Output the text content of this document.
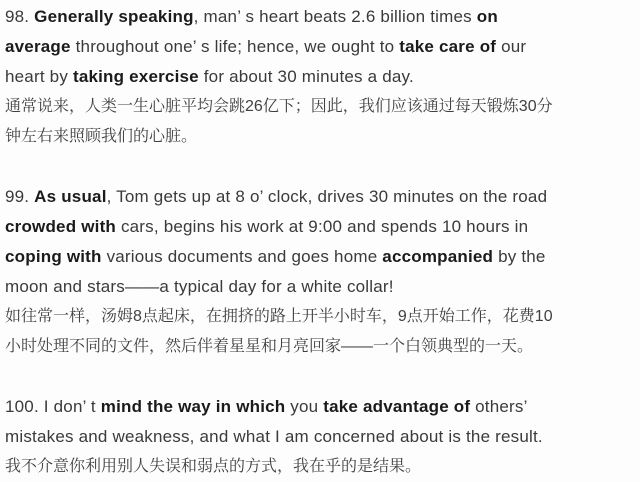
98. Generally speaking, man’ s heart beats 2.6 billion times on
average throughout one’ s life; hence, we ought to take care of our
heart by taking exercise for about 30 minutes a day.
通常说来，人类一生心脏平均会跳26亿下；因此，我们应该通过每天锻炼30分
钟左右来照顾我们的心脏。
99. As usual, Tom gets up at 8 o’ clock, drives 30 minutes on the road
crowded with cars, begins his work at 9:00 and spends 10 hours in
coping with various documents and goes home accompanied by the
moon and stars——a typical day for a white collar!
如往常一样，汤姆8点起床，在拥挤的路上开半小时车，9点开始工作，花费10
小时处理不同的文件，然后伴着星星和月亮回家——一个白领典型的一天。
100. I don’ t mind the way in which you take advantage of others’
mistakes and weakness, and what I am concerned about is the result.
我不介意你利用别人失误和弱点的方式，我在乎的是结果。
